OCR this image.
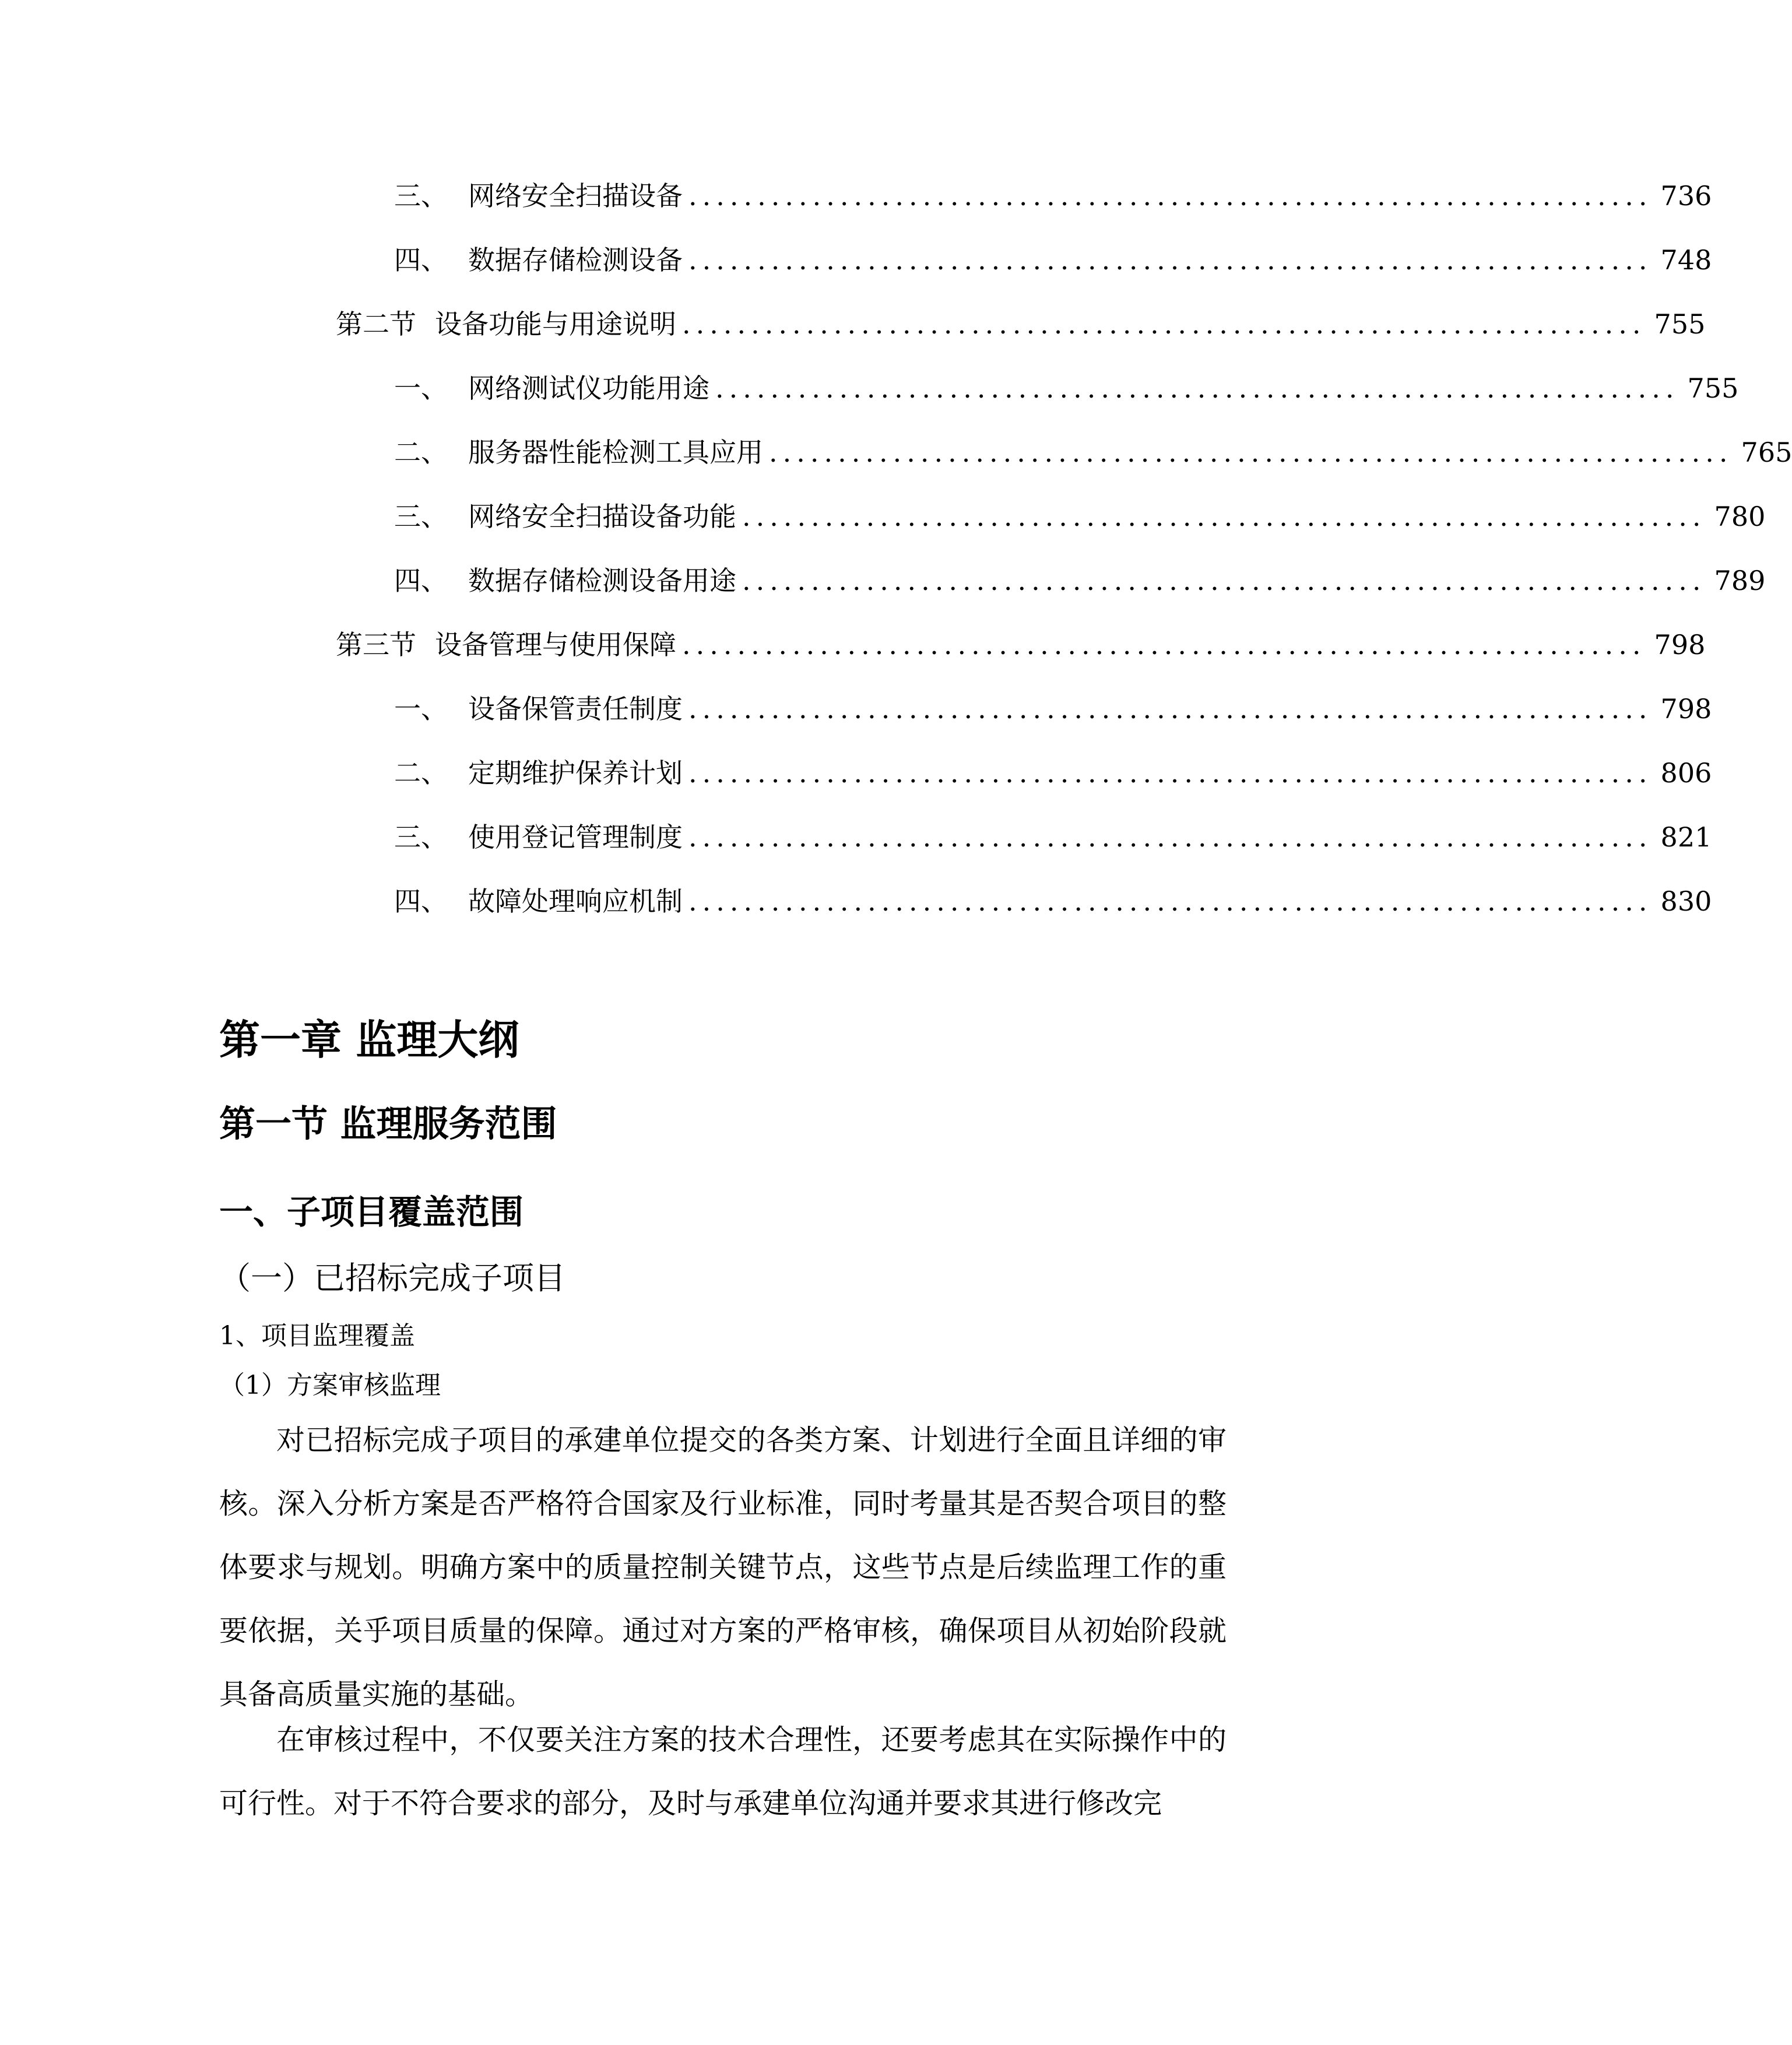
三、 网络安全扫描设备 ...................................................................... 736
四、 数据存储检测设备 ...................................................................... 748
第二节 设备功能与用途说明 ...................................................................... 755
一、 网络测试仪功能用途 ...................................................................... 755
二、 服务器性能检测工具应用 ...................................................................... 765
三、 网络安全扫描设备功能 ...................................................................... 780
四、 数据存储检测设备用途 ...................................................................... 789
第三节 设备管理与使用保障 ...................................................................... 798
一、 设备保管责任制度 ...................................................................... 798
二、 定期维护保养计划 ...................................................................... 806
三、 使用登记管理制度 ...................................................................... 821
四、 故障处理响应机制 ...................................................................... 830
第一章 监理大纲
第一节 监理服务范围
一、子项目覆盖范围
（一）已招标完成子项目
1、项目监理覆盖
（1）方案审核监理

对已招标完成子项目的承建单位提交的各类方案、计划进行全面且详细的审核。深入分析方案是否严格符合国家及行业标准，同时考量其是否契合项目的整体要求与规划。明确方案中的质量控制关键节点，这些节点是后续监理工作的重要依据，关乎项目质量的保障。通过对方案的严格审核，确保项目从初始阶段就具备高质量实施的基础。

在审核过程中，不仅要关注方案的技术合理性，还要考虑其在实际操作中的可行性。对于不符合要求的部分，及时与承建单位沟通并要求其进行修改完
